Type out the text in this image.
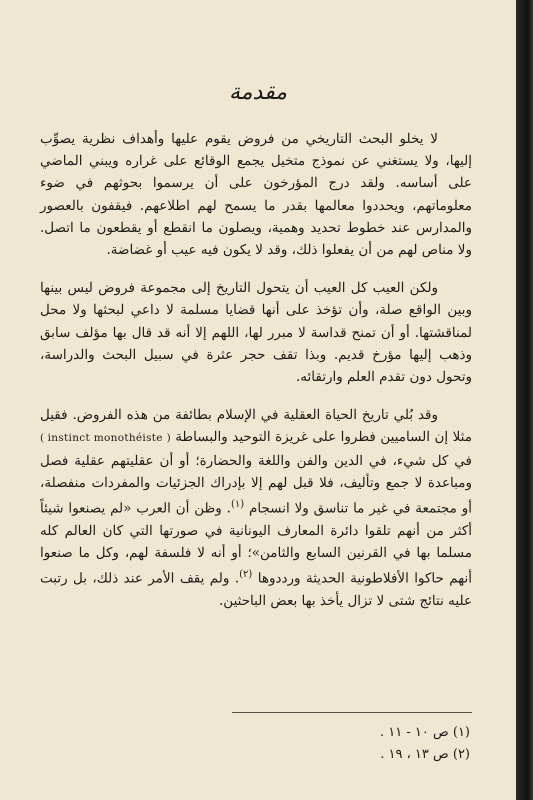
مقدمة

لا يخلو البحث التاريخي من فروض يقوم عليها وأهداف نظرية يصوِّب إليها، ولا يستغني عن نموذج متخيل يجمع الوقائع على غراره ويبني الماضي على أساسه. ولقد درج المؤرخون على أن يرسموا بحوثهم في ضوء معلوماتهم، ويحددوا معالمها بقدر ما يسمح لهم اطلاعهم. فيقفون بالعصور والمدارس عند خطوط تحديد وهمية، ويصلون ما انقطع أو يقطعون ما اتصل. ولا مناص لهم من أن يفعلوا ذلك، وقد لا يكون فيه عيب أو غضاضة.

ولكن العيب كل العيب أن يتحول التاريخ إلى مجموعة فروض ليس بينها وبين الواقع صلة، وأن تؤخذ على أنها قضايا مسلمة لا داعي لبحثها ولا محل لمناقشتها. أو أن تمنح قداسة لا مبرر لها، اللهم إلا أنه قد قال بها مؤلف سابق وذهب إليها مؤرخ قديم. وبذا تقف حجر عثرة في سبيل البحث والدراسة، وتحول دون تقدم العلم وارتقائه.

وقد بُلي تاريخ الحياة العقلية في الإسلام بطائفة من هذه الفروض. فقيل مثلا إن الساميين فطروا على غريزة التوحيد والبساطة ( instinct monothéiste ) في كل شيء، في الدين والفن واللغة والحضارة؛ أو أن عقليتهم عقلية فصل ومباعدة لا جمع وتأليف، فلا قبل لهم إلا بإدراك الجزئيات والمفردات منفصلة، أو مجتمعة في غير ما تناسق ولا انسجام $^{(١)}$. وظن أن العرب «لم يصنعوا شيئاً أكثر من أنهم تلقوا دائرة المعارف اليونانية في صورتها التي كان العالم كله مسلما بها في القرنين السابع والثامن»؛ أو أنه لا فلسفة لهم، وكل ما صنعوا أنهم حاكوا الأفلاطونية الحديثة ورددوها $^{(٢)}$. ولم يقف الأمر عند ذلك، بل رتبت عليه نتائج شتى لا تزال يأخذ بها بعض الباحثين.

(١) ص ١٠ - ١١ .

(٢) ص ١٣ ، ١٩ .
